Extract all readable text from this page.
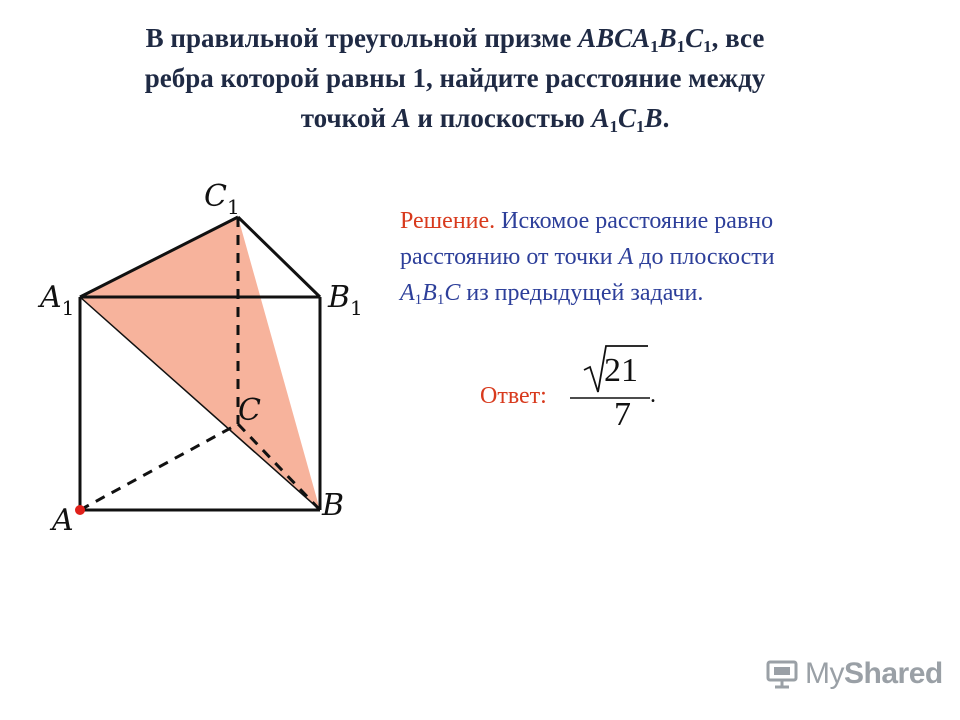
В правильной треугольной призме $ABCA_1B_1C_1$, все
ребра которой равны 1, найдите расстояние между
точкой A и плоскостью $A_1C_1B$.
Решение. Искомое расстояние равно
расстоянию от точки A до плоскости
$A_1B_1C$ из предыдущей задачи.
Ответ:
21
7
.
$C_1$
$A_1$	$B_1$
C
A	B
MyShared
